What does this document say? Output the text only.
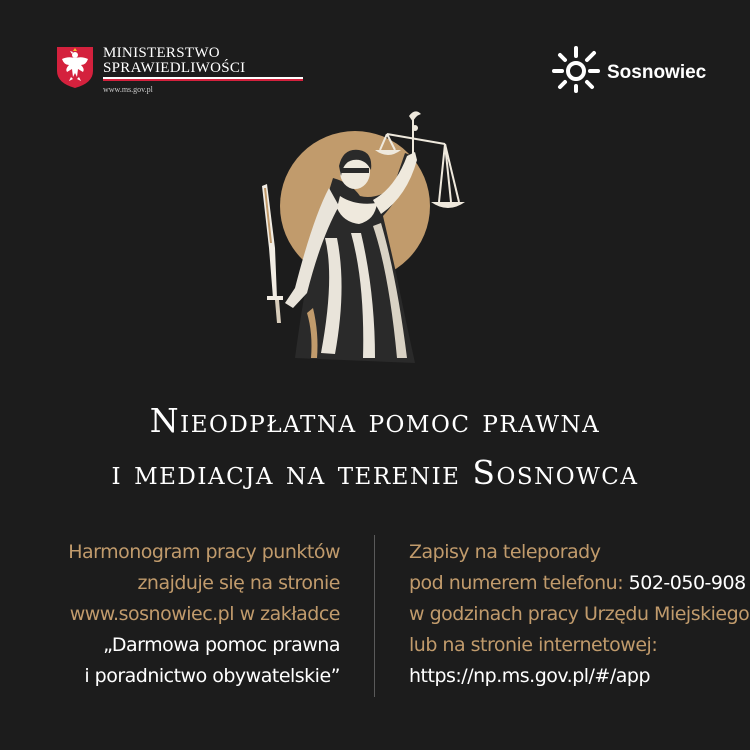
MINISTERSTWO
SPRAWIEDLIWOŚCI
www.ms.gov.pl
Sosnowiec
Nieodpłatna pomoc prawna
i mediacja na terenie Sosnowca
Harmonogram pracy punktów
znajduje się na stronie
www.sosnowiec.pl w zakładce
„Darmowa pomoc prawna
i poradnictwo obywatelskie”
Zapisy na teleporady
pod numerem telefonu: 502-050-908
w godzinach pracy Urzędu Miejskiego
lub na stronie internetowej:
https://np.ms.gov.pl/#/app
